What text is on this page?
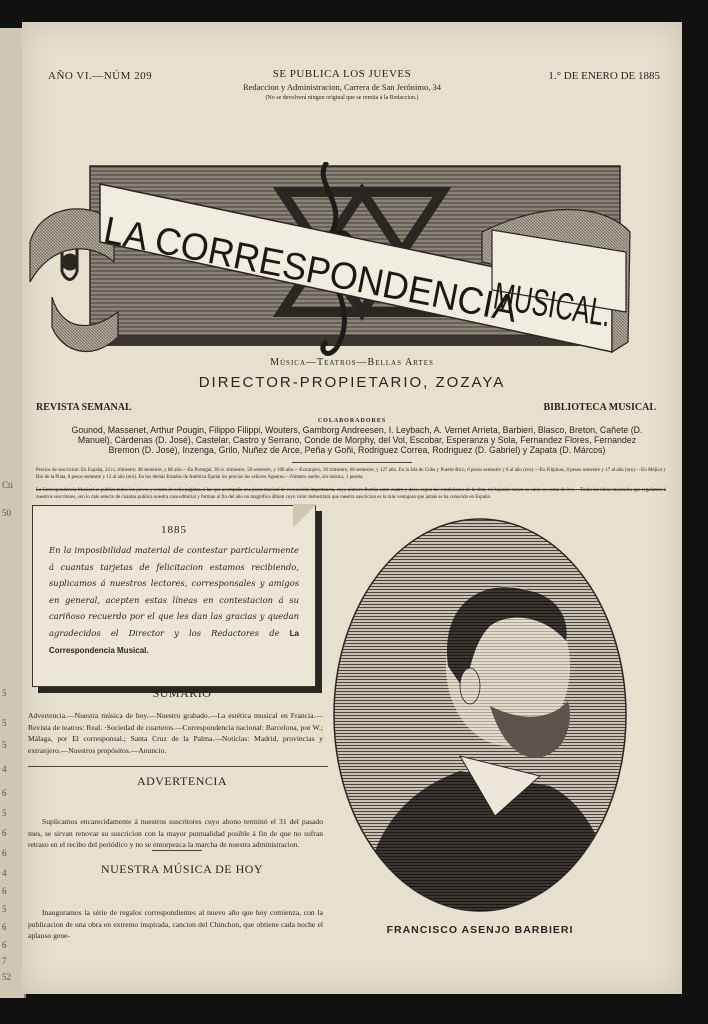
Cti
50
5
5
5
4
6
5
6
6
4
6
5
6
6
7
52
AÑO VI.—NÚM 209	SE PUBLICA LOS JUEVES
Redaccion y Administracion, Carrera de San Jerónimo, 34
(No se devolverá ningun original que se remita á la Redaccion.)
1.° DE ENERO DE 1885
LA CORRESPONDENCIA
MUSICAL.
Música—Teatros—Bellas Artes
DIRECTOR-PROPIETARIO, ZOZAYA
REVISTA SEMANAL	BIBLIOTECA MUSICAL
COLABORADORES
Gounod, Massenet, Arthur Pougin, Filippo Filippi, Wouters, Gamborg Andreesen, I. Leybach, A. Vernet Arrieta, Barbieri, Blasco, Breton, Cañete (D. Manuel), Cárdenas (D. José), Castelar, Castro y Serrano, Conde de Morphy, del Vol, Escobar, Esperanza y Sola, Fernandez Flores, Fernandez Bremon (D. José), Inzenga, Grilo, Nuñez de Arce, Peña y Goñi, Rodriguez Correa, Rodriguez (D. Gabriel) y Zapata (D. Márcos)
Precios de suscricion: En España, 24 rs. trimestre; 48 semestre, y 88 año.—En Portugal, 30 rs. trimestre; 58 semestre, y 108 año.—Extranjero, 30 trimestre; 68 semestre, y 127 año. En la Isla de Cuba y Puerto-Rico, 6 pesos semestre y 8 al año (oro).—En Filipinas, 8 pesos semestre y 17 al año (oro).—En Méjico y Rio de la Plata, 8 pesos semestre y 12 al año (oro). En los demás Estados de América fijarán los precios los señores Agentes.—Número suelto, sin música, 1 peseta.
La Correspondencia Musical se publica todos los jueves y consta de ocho páginas, á las que acompaña una pieza musical de reconocida importancia, cuyo número fluctúa entre cuatro y doce, segun las condiciones de la obra, no bajando nunca su valor en venta de 8 rs.—Todas las obras musicales que regalamos á nuestros suscritores, son lo más selecto de cuantas publica nuestra casa editorial y forman al fin del año un magnífico álbum cuyo valor demostrará que nuestra suscricion es la más ventajosa que jamás se ha conocido en España.
1885
En la imposibilidad material de contestar particularmente á cuantas tarjetas de felicitacion estamos recibiendo, suplicamos á nuestros lectores, corresponsales y amigos en general, acepten estas líneas en contestacion á su cariñoso recuerdo por el que les dan las gracias y quedan agradecidos el Director y los Redactores de La Correspondencia Musical.
SUMARIO
Advertencia.—Nuestra música de hoy.—Nuestro grabado.—La estética musical en Francia.—Revista de teatros: Real. ·Sociedad de cuartetos.—Correspondencia nacional: Barcelona, por W.; Málaga, por El corresponsal.; Santa Cruz de la Palma.—Noticias: Madrid, provincias y extranjero.—Nuestros propósitos.—Anuncio.
ADVERTENCIA
Suplicamos encarecidamente á nuestros suscritores cuyo abono terminó el 31 del pasado mes, se sirvan renovar su suscricion con la mayor puntualidad posible á fin de que no sufran retraso en el recibo del periódico y no se entorpezca la marcha de nuestra administracion.
NUESTRA MÚSICA DE HOY
Inauguramos la série de regalos correspondientes al nuevo año que hoy comienza, con la publicacion de una obra en extremo inspirada, cancion del Chinchon, que obtiene cada noche el aplauso gene-	FRANCISCO ASENJO BARBIERI
